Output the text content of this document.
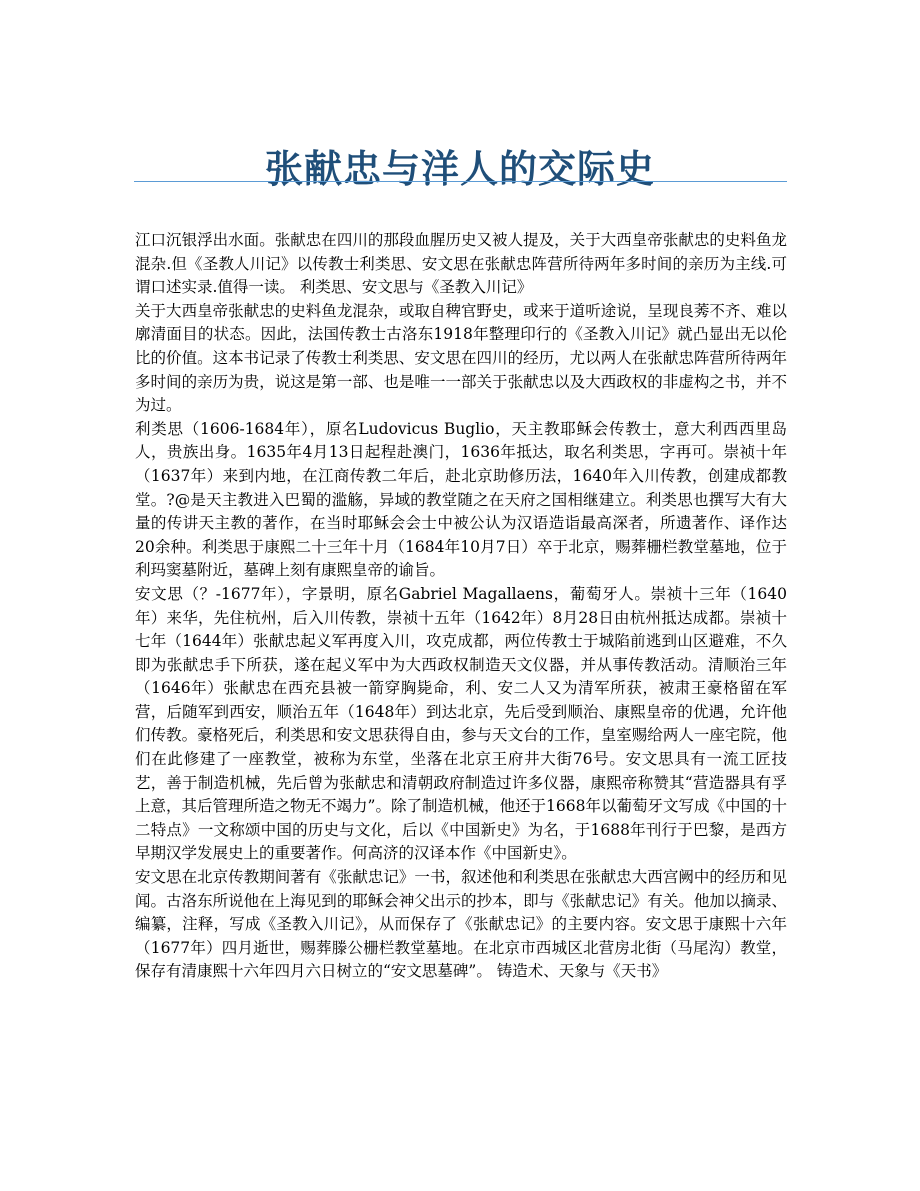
张献忠与洋人的交际史

江口沉银浮出水面。张献忠在四川的那段血腥历史又被人提及，关于大西皇帝张献忠的史料鱼龙混杂.但《圣教人川记》以传教士利类思、安文思在张献忠阵营所待两年多时间的亲历为主线.可谓口述实录.值得一读。 利类思、安文思与《圣教入川记》

关于大西皇帝张献忠的史料鱼龙混杂，或取自稗官野史，或来于道听途说，呈现良莠不齐、难以廓清面目的状态。因此，法国传教士古洛东1918年整理印行的《圣教入川记》就凸显出无以伦比的价值。这本书记录了传教士利类思、安文思在四川的经历，尤以两人在张献忠阵营所待两年多时间的亲历为贵，说这是第一部、也是唯一一部关于张献忠以及大西政权的非虚构之书，并不为过。

利类思（1606-1684年），原名Ludovicus Buglio，天主教耶稣会传教士，意大利西西里岛人，贵族出身。1635年4月13日起程赴澳门，1636年抵达，取名利类思，字再可。崇祯十年（1637年）来到内地，在江商传教二年后，赴北京助修历法，1640年入川传教，创建成都教堂。?@是天主教进入巴蜀的滥觞，异域的教堂随之在天府之国相继建立。利类思也撰写大有大量的传讲天主教的著作，在当时耶稣会会士中被公认为汉语造诣最高深者，所遗著作、译作达20余种。利类思于康熙二十三年十月（1684年10月7日）卒于北京，赐葬栅栏教堂墓地，位于利玛窦墓附近，墓碑上刻有康熙皇帝的谕旨。

安文思（？-1677年），字景明，原名Gabriel Magallaens，葡萄牙人。崇祯十三年（1640年）来华，先住杭州，后入川传教，崇祯十五年（1642年）8月28日由杭州抵达成都。崇祯十七年（1644年）张献忠起义军再度入川，攻克成都，两位传教士于城陷前逃到山区避难，不久即为张献忠手下所获，遂在起义军中为大西政权制造天文仪器，并从事传教活动。清顺治三年（1646年）张献忠在西充县被一箭穿胸毙命，利、安二人又为清军所获，被肃王豪格留在军营，后随军到西安，顺治五年（1648年）到达北京，先后受到顺治、康熙皇帝的优遇，允许他们传教。豪格死后，利类思和安文思获得自由，参与天文台的工作，皇室赐给两人一座宅院，他们在此修建了一座教堂，被称为东堂，坐落在北京王府井大街76号。安文思具有一流工匠技艺，善于制造机械，先后曾为张献忠和清朝政府制造过许多仪器，康熙帝称赞其“营造器具有孚上意，其后管理所造之物无不竭力”。除了制造机械，他还于1668年以葡萄牙文写成《中国的十二特点》一文称颂中国的历史与文化，后以《中国新史》为名，于1688年刊行于巴黎，是西方早期汉学发展史上的重要著作。何高济的汉译本作《中国新史》。

安文思在北京传教期间著有《张献忠记》一书，叙述他和利类思在张献忠大西宫阙中的经历和见闻。古洛东所说他在上海见到的耶稣会神父出示的抄本，即与《张献忠记》有关。他加以摘录、编纂，注释，写成《圣教入川记》，从而保存了《张献忠记》的主要内容。安文思于康熙十六年（1677年）四月逝世，赐葬滕公栅栏教堂墓地。在北京市西城区北营房北街（马尾沟）教堂，保存有清康熙十六年四月六日树立的“安文思墓碑”。 铸造术、天象与《天书》
